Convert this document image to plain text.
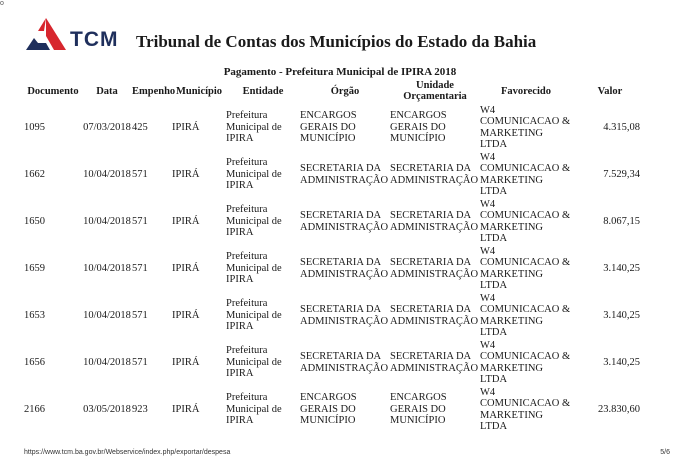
o
TCM Tribunal de Contas dos Municípios do Estado da Bahia
Pagamento - Prefeitura Municipal de IPIRA 2018
Documento	Data	Empenho	Município	Entidade	Órgão	Unidade Orçamentaria	Favorecido	Valor
1095	07/03/2018	425	IPIRÁ	Prefeitura Municipal de IPIRA	ENCARGOS GERAIS DO MUNICÍPIO	ENCARGOS GERAIS DO MUNICÍPIO	W4 COMUNICACAO & MARKETING LTDA	4.315,08
1662	10/04/2018	571	IPIRÁ	Prefeitura Municipal de IPIRA	SECRETARIA DA ADMINISTRAÇÃO	SECRETARIA DA ADMINISTRAÇÃO	W4 COMUNICACAO & MARKETING LTDA	7.529,34
1650	10/04/2018	571	IPIRÁ	Prefeitura Municipal de IPIRA	SECRETARIA DA ADMINISTRAÇÃO	SECRETARIA DA ADMINISTRAÇÃO	W4 COMUNICACAO & MARKETING LTDA	8.067,15
1659	10/04/2018	571	IPIRÁ	Prefeitura Municipal de IPIRA	SECRETARIA DA ADMINISTRAÇÃO	SECRETARIA DA ADMINISTRAÇÃO	W4 COMUNICACAO & MARKETING LTDA	3.140,25
1653	10/04/2018	571	IPIRÁ	Prefeitura Municipal de IPIRA	SECRETARIA DA ADMINISTRAÇÃO	SECRETARIA DA ADMINISTRAÇÃO	W4 COMUNICACAO & MARKETING LTDA	3.140,25
1656	10/04/2018	571	IPIRÁ	Prefeitura Municipal de IPIRA	SECRETARIA DA ADMINISTRAÇÃO	SECRETARIA DA ADMINISTRAÇÃO	W4 COMUNICACAO & MARKETING LTDA	3.140,25
2166	03/05/2018	923	IPIRÁ	Prefeitura Municipal de IPIRA	ENCARGOS GERAIS DO MUNICÍPIO	ENCARGOS GERAIS DO MUNICÍPIO	W4 COMUNICACAO & MARKETING LTDA	23.830,60
https://www.tcm.ba.gov.br/Webservice/index.php/exportar/despesa	5/6
